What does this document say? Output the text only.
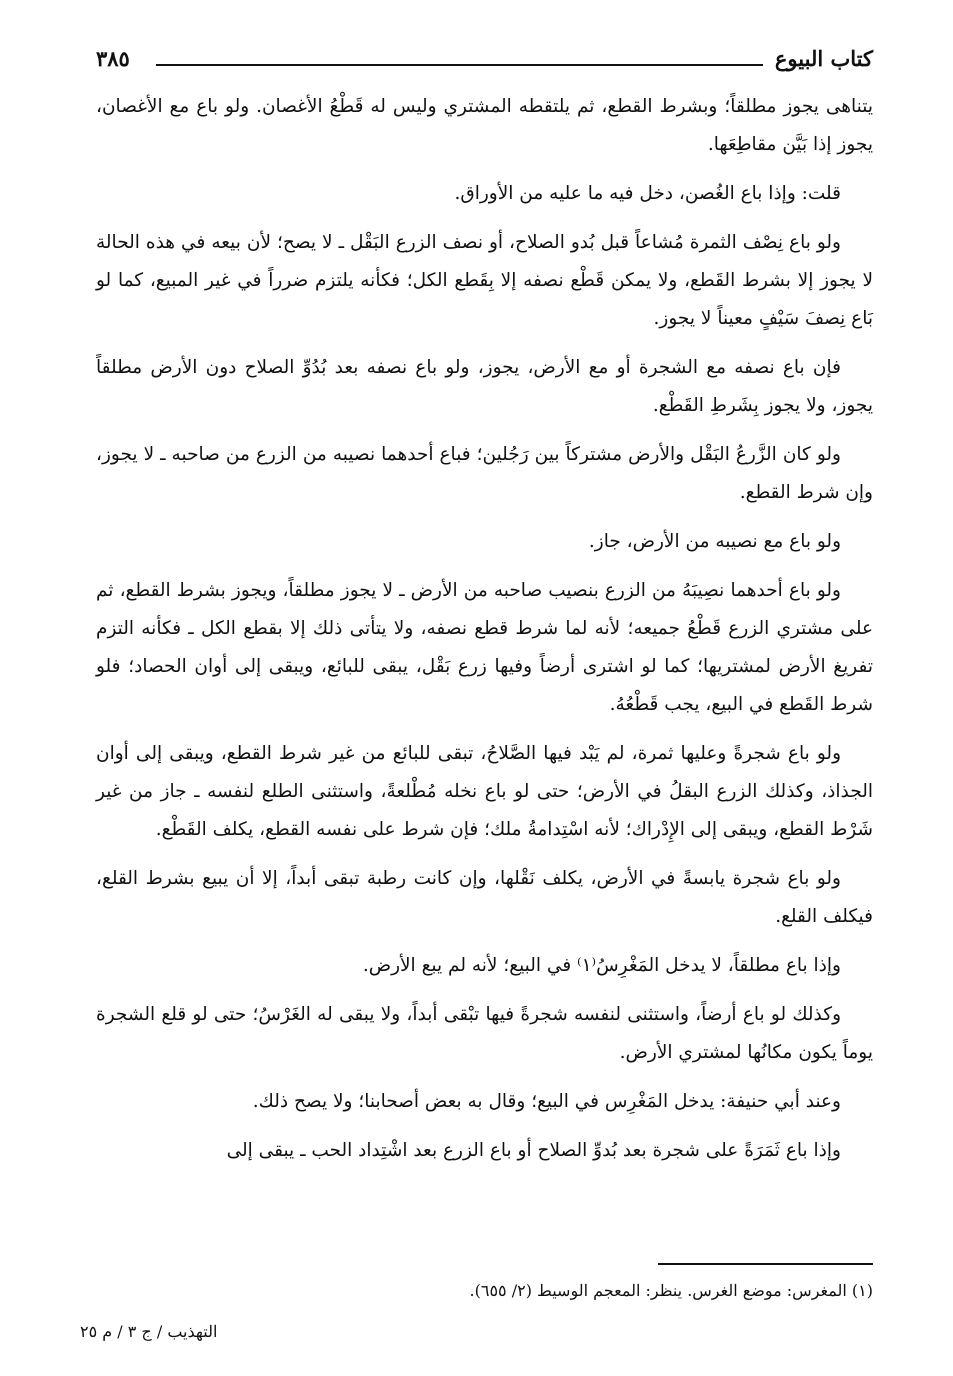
كتاب البيوع
٣٨٥

يتناهى يجوز مطلقاً؛ وبشرط القطع، ثم يلتقطه المشتري وليس له قَطْعُ الأغصان. ولو باع مع الأغصان، يجوز إذا بَيَّن مقاطِعَها.

قلت: وإذا باع الغُصن، دخل فيه ما عليه من الأوراق.

ولو باع نِصْف الثمرة مُشاعاً قبل بُدو الصلاح، أو نصف الزرع البَقْل ـ لا يصح؛ لأن بيعه في هذه الحالة لا يجوز إلا بشرط القَطع، ولا يمكن قَطْع نصفه إلا بِقَطع الكل؛ فكأنه يلتزم ضرراً في غير المبيع، كما لو بَاع نِصفَ سَيْفٍ معيناً لا يجوز.

فإن باع نصفه مع الشجرة أو مع الأرض، يجوز، ولو باع نصفه بعد بُدُوِّ الصلاح دون الأرض مطلقاً يجوز، ولا يجوز بِشَرطِ القَطْع.

ولو كان الزَّرعُ البَقْل والأرض مشتركاً بين رَجُلين؛ فباع أحدهما نصيبه من الزرع من صاحبه ـ لا يجوز، وإن شرط القطع.

ولو باع مع نصيبه من الأرض، جاز.

ولو باع أحدهما نصِيبَهُ من الزرع بنصيب صاحبه من الأرض ـ لا يجوز مطلقاً، ويجوز بشرط القطع، ثم على مشتري الزرع قَطْعُ جميعه؛ لأنه لما شرط قطع نصفه، ولا يتأتى ذلك إلا بقطع الكل ـ فكأنه التزم تفريغ الأرض لمشتريها؛ كما لو اشترى أرضاً وفيها زرع بَقْل، يبقى للبائع، ويبقى إلى أوان الحصاد؛ فلو شرط القَطع في البيع، يجب قَطْعُهُ.

ولو باع شجرةً وعليها ثمرة، لم يَبْد فيها الصَّلاحُ، تبقى للبائع من غير شرط القطع، ويبقى إلى أوان الجذاذ، وكذلك الزرع البقلُ في الأرض؛ حتى لو باع نخله مُطْلعةً، واستثنى الطلع لنفسه ـ جاز من غير شَرْط القطع، ويبقى إلى الإِدْراك؛ لأنه اسْتِدامةُ ملك؛ فإن شرط على نفسه القطع، يكلف القَطْع.

ولو باع شجرة يابسةً في الأرض، يكلف نَقْلها، وإن كانت رطبة تبقى أبداً، إلا أن يبيع بشرط القلع، فيكلف القلع.

وإذا باع مطلقاً، لا يدخل المَغْرِسُ⁽١⁾ في البيع؛ لأنه لم يبع الأرض.

وكذلك لو باع أرضاً، واستثنى لنفسه شجرةً فيها تبْقى أبداً، ولا يبقى له الغَرْسُ؛ حتى لو قلع الشجرة يوماً يكون مكانُها لمشتري الأرض.

وعند أبي حنيفة: يدخل المَغْرِس في البيع؛ وقال به بعض أصحابنا؛ ولا يصح ذلك.

وإذا باع ثَمَرَةً على شجرة بعد بُدوِّ الصلاح أو باع الزرع بعد اشْتِداد الحب ـ يبقى إلى

(١) المغرس: موضع الغرس. ينظر: المعجم الوسيط (٢/ ٦٥٥).
التهذيب / ج ٣ / م ٢٥
